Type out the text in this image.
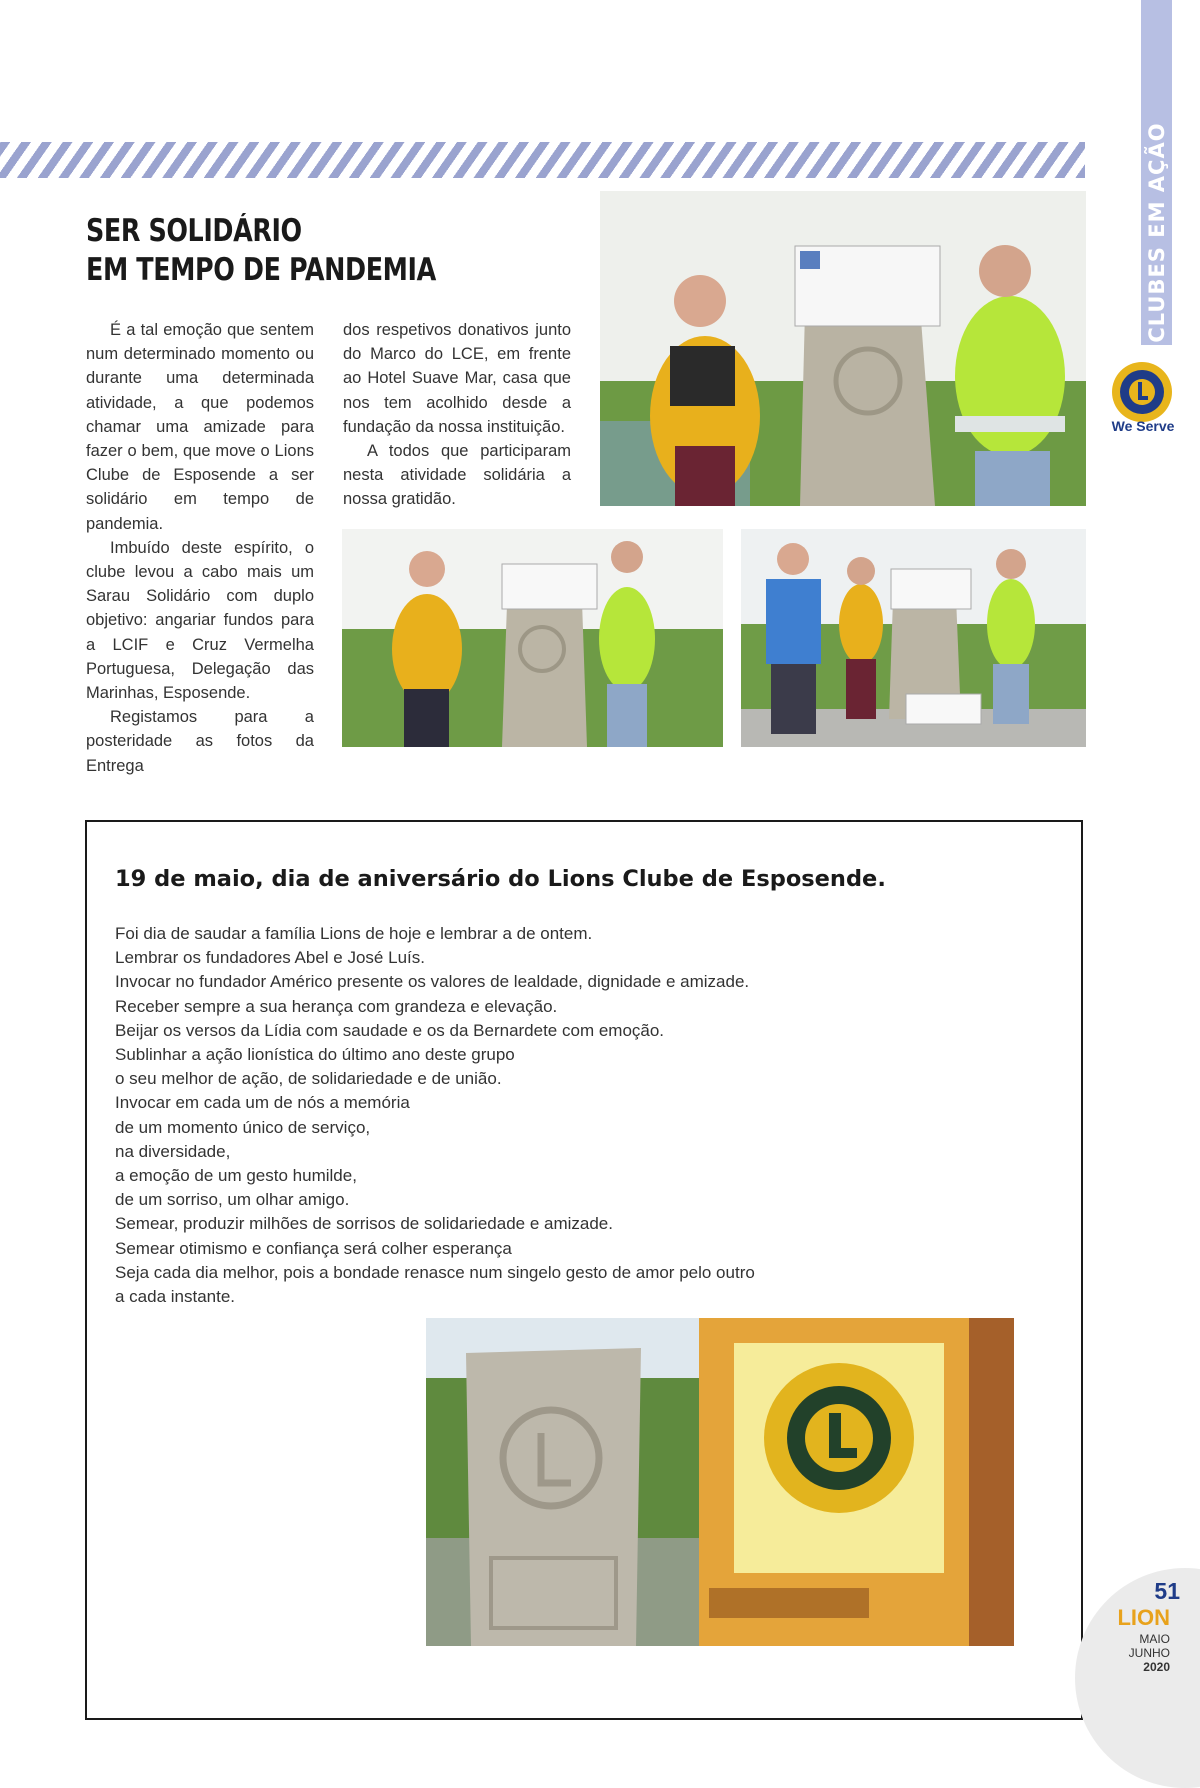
> CLUBES EM AÇÃO
We Serve
SER SOLIDÁRIO
EM TEMPO DE PANDEMIA

É a tal emoção que sentem num determinado momento ou durante uma determinada atividade, a que podemos chamar uma amizade para fazer o bem, que move o Lions Clube de Esposende a ser solidário em tempo de pandemia.

Imbuído deste espírito, o clube levou a cabo mais um Sarau Solidário com duplo objetivo: angariar fundos para a LCIF e Cruz Vermelha Portuguesa, Delegação das Marinhas, Esposende.

Registamos para a posteridade as fotos da Entrega

dos respetivos donativos junto do Marco do LCE, em frente ao Hotel Suave Mar, casa que nos tem acolhido desde a fundação da nossa instituição.

A todos que participaram nesta atividade solidária a nossa gratidão.

19 de maio, dia de aniversário do Lions Clube de Esposende.
Foi dia de saudar a família Lions de hoje e lembrar a de ontem.
Lembrar os fundadores Abel e José Luís.
Invocar no fundador Américo presente os valores de lealdade, dignidade e amizade.
Receber sempre a sua herança com grandeza e elevação.
Beijar os versos da Lídia com saudade e os da Bernardete com emoção.
Sublinhar a ação lionística do último ano deste grupo
o seu melhor de ação, de solidariedade e de união.
Invocar em cada um de nós a memória
de um momento único de serviço,
na diversidade,
a emoção de um gesto humilde,
de um sorriso, um olhar amigo.
Semear, produzir milhões de sorrisos de solidariedade e amizade.
Semear otimismo e confiança será colher esperança
Seja cada dia melhor, pois a bondade renasce num singelo gesto de amor pelo outro
a cada instante.
51
LION
MAIO
JUNHO
2020
